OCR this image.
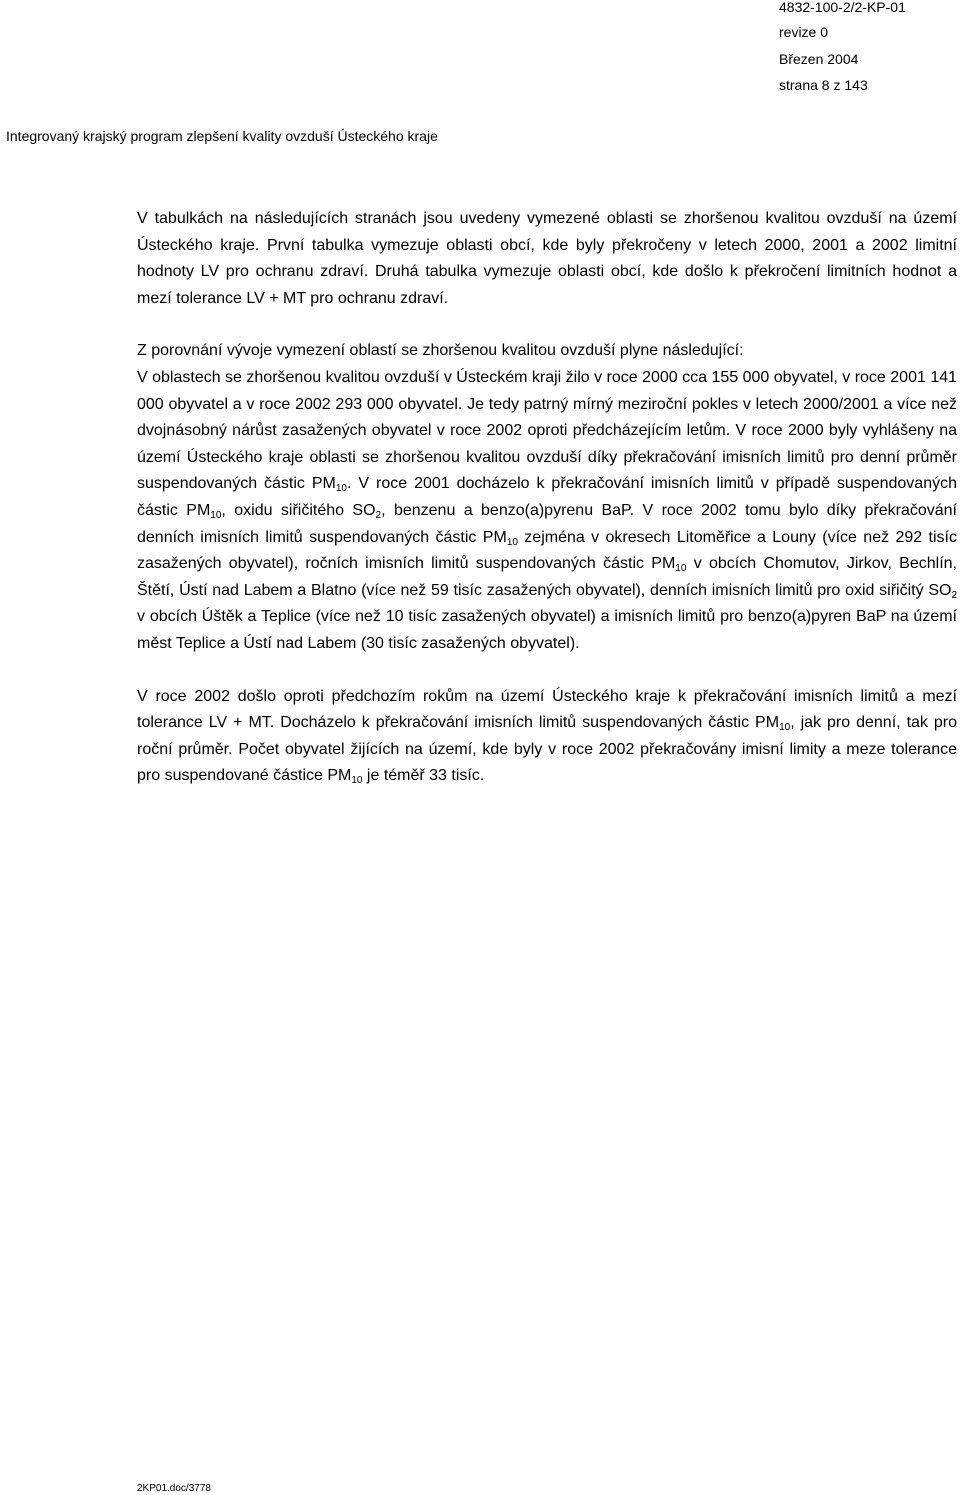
4832-100-2/2-KP-01
revize 0
Březen 2004
strana 8 z 143
Integrovaný krajský program zlepšení kvality ovzduší Ústeckého kraje

V tabulkách na následujících stranách jsou uvedeny vymezené oblasti se zhoršenou kvalitou ovzduší na území Ústeckého kraje. První tabulka vymezuje oblasti obcí, kde byly překročeny v letech 2000, 2001 a 2002 limitní hodnoty LV pro ochranu zdraví. Druhá tabulka vymezuje oblasti obcí, kde došlo k překročení limitních hodnot a mezí tolerance LV + MT pro ochranu zdraví.

Z porovnání vývoje vymezení oblastí se zhoršenou kvalitou ovzduší plyne následující:
V oblastech se zhoršenou kvalitou ovzduší v Ústeckém kraji žilo v roce 2000 cca 155 000 obyvatel, v roce 2001 141 000 obyvatel a v roce 2002 293 000 obyvatel. Je tedy patrný mírný meziroční pokles v letech 2000/2001 a více než dvojnásobný nárůst zasažených obyvatel v roce 2002 oproti předcházejícím letům. V roce 2000 byly vyhlášeny na území Ústeckého kraje oblasti se zhoršenou kvalitou ovzduší díky překračování imisních limitů pro denní průměr suspendovaných částic $PM_{10}$. V roce 2001 docházelo k překračování imisních limitů v případě suspendovaných částic $PM_{10}$, oxidu siřičitého $SO_2$, benzenu a benzo(a)pyrenu BaP. V roce 2002 tomu bylo díky překračování denních imisních limitů suspendovaných částic $PM_{10}$ zejména v okresech Litoměřice a Louny (více než 292 tisíc zasažených obyvatel), ročních imisních limitů suspendovaných částic $PM_{10}$ v obcích Chomutov, Jirkov, Bechlín, Štětí, Ústí nad Labem a Blatno (více než 59 tisíc zasažených obyvatel), denních imisních limitů pro oxid siřičitý $SO_2$ v obcích Úštěk a Teplice (více než 10 tisíc zasažených obyvatel) a imisních limitů pro benzo(a)pyren BaP na území měst Teplice a Ústí nad Labem (30 tisíc zasažených obyvatel).

V roce 2002 došlo oproti předchozím rokům na území Ústeckého kraje k překračování imisních limitů a mezí tolerance LV + MT. Docházelo k překračování imisních limitů suspendovaných částic $PM_{10}$, jak pro denní, tak pro roční průměr. Počet obyvatel žijících na území, kde byly v roce 2002 překračovány imisní limity a meze tolerance pro suspendované částice $PM_{10}$ je téměř 33 tisíc.

2KP01.doc/3778
